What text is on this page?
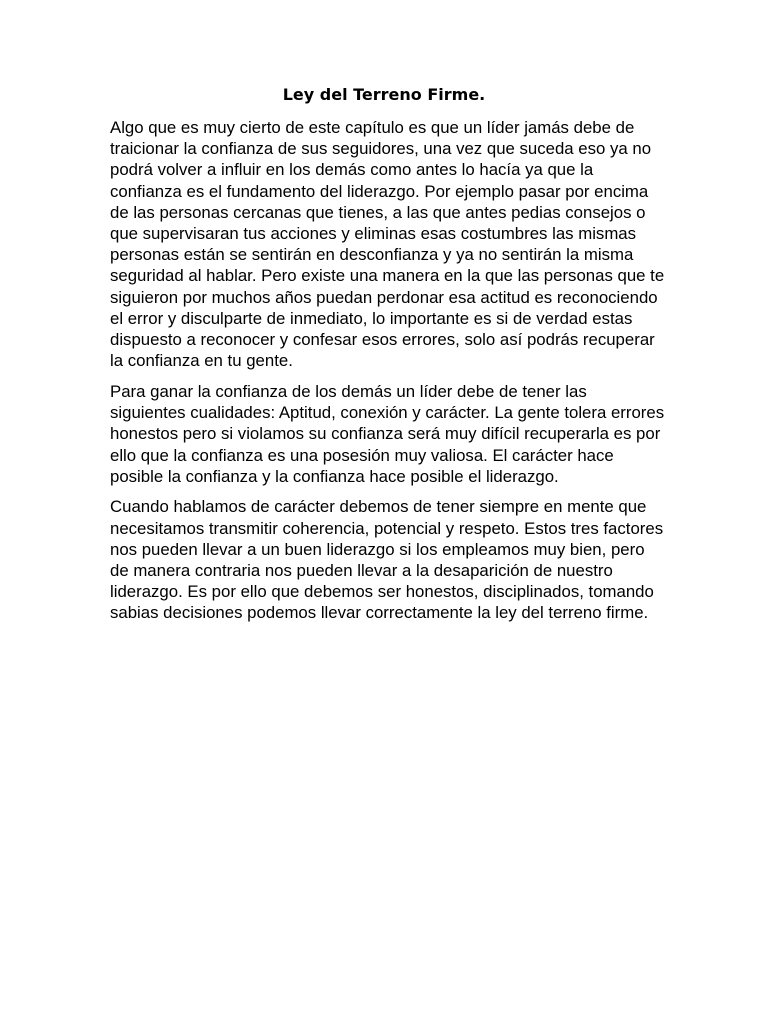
Ley del Terreno Firme.

Algo que es muy cierto de este capítulo es que un líder jamás debe de traicionar la confianza de sus seguidores, una vez que suceda eso ya no podrá volver a influir en los demás como antes lo hacía ya que la confianza es el fundamento del liderazgo. Por ejemplo pasar por encima de las personas cercanas que tienes, a las que antes pedias consejos o que supervisaran tus acciones y eliminas esas costumbres las mismas personas están se sentirán en desconfianza y ya no sentirán la misma seguridad al hablar. Pero existe una manera en la que las personas que te siguieron por muchos años puedan perdonar esa actitud es reconociendo el error y disculparte de inmediato, lo importante es si de verdad estas dispuesto a reconocer y confesar esos errores, solo así podrás recuperar la confianza en tu gente.

Para ganar la confianza de los demás un líder debe de tener las siguientes cualidades: Aptitud, conexión y carácter. La gente tolera errores honestos pero si violamos su confianza será muy difícil recuperarla es por ello que la confianza es una posesión muy valiosa. El carácter hace posible la confianza y la confianza hace posible el liderazgo.

Cuando hablamos de carácter debemos de tener siempre en mente que necesitamos transmitir coherencia, potencial y respeto. Estos tres factores nos pueden llevar a un buen liderazgo si los empleamos muy bien, pero de manera contraria nos pueden llevar a la desaparición de nuestro liderazgo. Es por ello que debemos ser honestos, disciplinados, tomando sabias decisiones podemos llevar correctamente la ley del terreno firme.
